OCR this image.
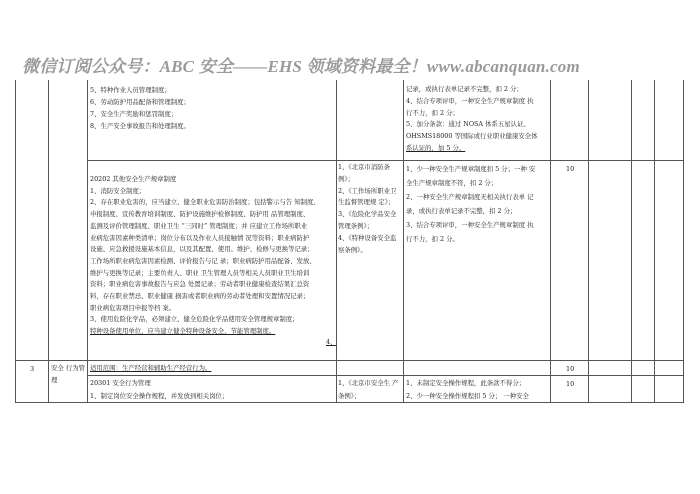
微信订阅公众号：ABC 安全——EHS 领域资料最全！www.abcanquan.com

5、特种作业人员管理制度；

6、劳动防护用品配备和管理制度；

7、安全生产奖励和惩罚制度；

8、生产安全事故报告和处理制度。

记录，或执行表单记录不完整，扣 2 分；

4、结合专项评审，一种安全生产规章制度 执

行不力，扣 2 分；

5、加分条款：通过 NOSA 体系五星认证、

OHSMS18000 等国际或行业职业健康安全体

系认证的，加 5 分。

20202 其他安全生产规章制度

1、消防安全制度；

2、存在职业危害的，应当建立、健全职业危害防治制度；包括警示与告 知制度、

申报制度、宣传教育培训制度、防护设施维护检修制度、防护用 品管理制度、

监测及评价管理制度、职业卫生 “三同时” 管理制度；并 应建立工作场所职业

业病危害因素种类清单；岗位分布以及作业人员接触情 况等资料；职业病防护

设施、应急救援设施基本信息，以及其配置、使用、维护、检修与更换等记录；

工作场所职业病危害因素检测、评价报告与记 录；职业病防护用品配备、发放、

维护与更换等记录；主要负责人、职业 卫生管理人员等相关人员职业卫生培训

资料；职业病危害事故报告与应急 处置记录；劳动者职业健康检查结果汇总资

料，存在职业禁忌、职业健康 损害或者职业病的劳动者处理和安置情况记录；

职业病危害项目申报等档 案。

3、使用危险化学品，必须建立、健全危险化学品使用安全管理规章制度；

特种设备使用单位，应当建立健全特种设备安全、节能管理制度。

4、

1、《北京市消防条 例》；

2、《工作场所职业卫 生监督管理规 定》；

3、《危险化学品安全 管理条例》；

4、《特种设备安全监 察条例》。

1、少一种安全生产规章制度扣 5 分；一种 安

全生产规章制度不符，扣 2 分；

2、一种安全生产规章制度无相关执行表单 记

录，或执行表单记录不完整，扣 2 分；

3、结合专项评审，一种安全生产规章制度 执

行不力，扣 2 分。

10
3	安全 行为管理

适用范围：生产经营和辅助生产经营行为。	10

20301 安全行为管理

1、制定岗位安全操作规程，并发放到相关岗位；

1、《北京市安全生 产条例》；

1、未制定安全操作规程，此条款不得分；

2、少一种安全操作规程扣 5 分； 一种安全

10
